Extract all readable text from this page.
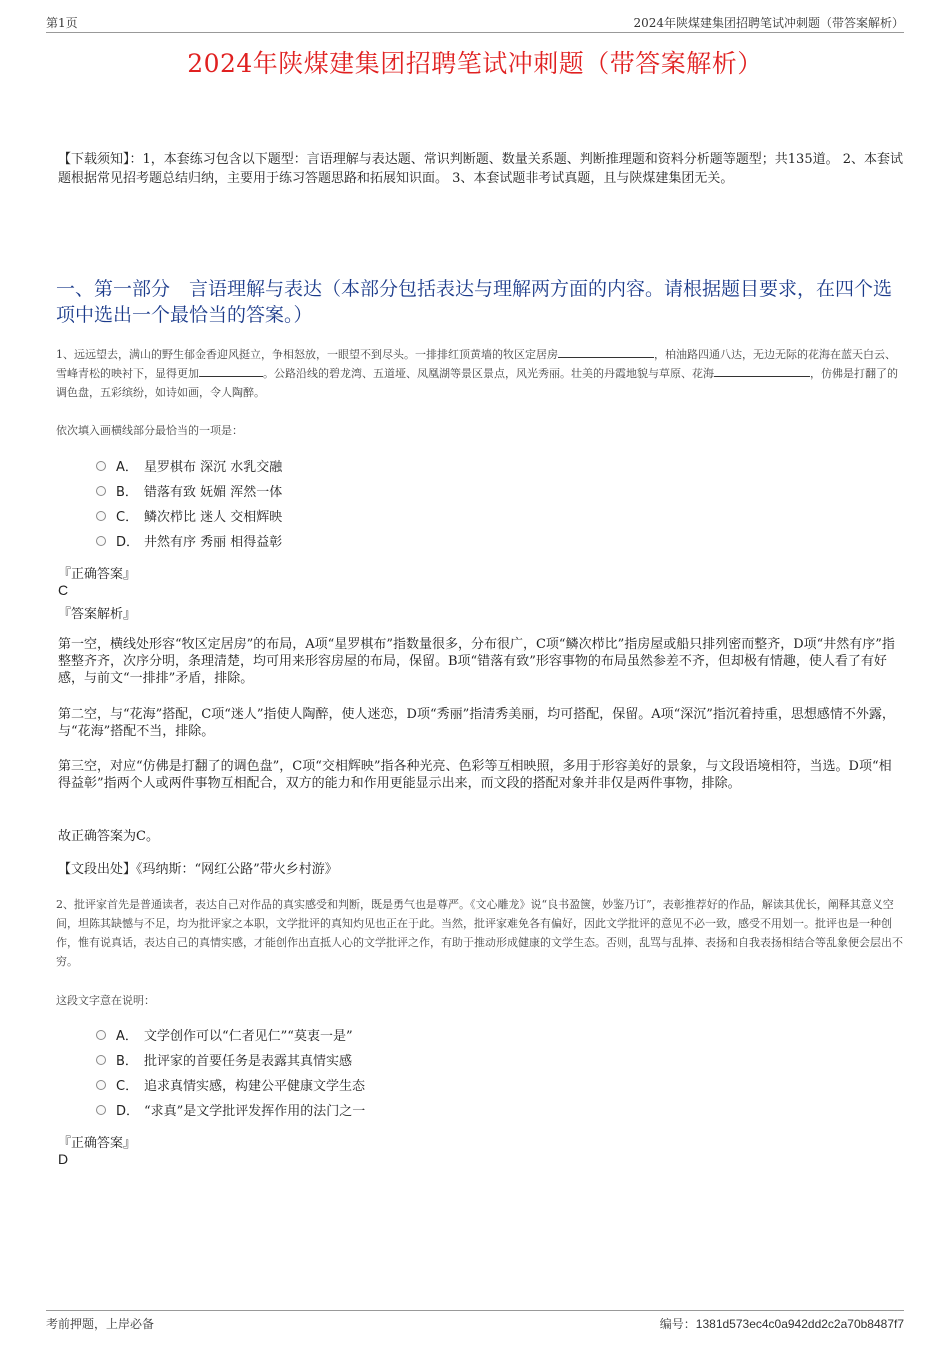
第1页	2024年陕煤建集团招聘笔试冲刺题（带答案解析）
2024年陕煤建集团招聘笔试冲刺题（带答案解析）
【下载须知】：1，本套练习包含以下题型：言语理解与表达题、常识判断题、数量关系题、判断推理题和资料分析题等题型；共135道。 2、本套试题根据常见招考题总结归纳，主要用于练习答题思路和拓展知识面。 3、本套试题非考试真题，且与陕煤建集团无关。
一、第一部分　言语理解与表达（本部分包括表达与理解两方面的内容。请根据题目要求，在四个选项中选出一个最恰当的答案。）
1、远远望去，满山的野生郁金香迎风挺立，争相怒放，一眼望不到尽头。一排排红顶黄墙的牧区定居房	，柏油路四通八达，无边无际的花海在蓝天白云、雪峰青松的映衬下，显得更加	。公路沿线的碧龙湾、五道垭、凤凰湖等景区景点，风光秀丽。壮美的丹霞地貌与草原、花海	，仿佛是打翻了的调色盘，五彩缤纷，如诗如画，令人陶醉。
依次填入画横线部分最恰当的一项是：
A． 星罗棋布 深沉 水乳交融
B． 错落有致 妩媚 浑然一体
C． 鳞次栉比 迷人 交相辉映
D． 井然有序 秀丽 相得益彰
『正确答案』
C
『答案解析』
第一空，横线处形容“牧区定居房”的布局，A项“星罗棋布”指数量很多，分布很广，C项“鳞次栉比”指房屋或船只排列密而整齐，D项“井然有序”指整整齐齐，次序分明，条理清楚，均可用来形容房屋的布局，保留。B项“错落有致”形容事物的布局虽然参差不齐，但却极有情趣，使人看了有好感，与前文“一排排”矛盾，排除。
第二空，与“花海”搭配，C项“迷人”指使人陶醉，使人迷恋，D项“秀丽”指清秀美丽，均可搭配，保留。A项“深沉”指沉着持重，思想感情不外露，与“花海”搭配不当，排除。
第三空，对应“仿佛是打翻了的调色盘”，C项“交相辉映”指各种光亮、色彩等互相映照，多用于形容美好的景象，与文段语境相符，当选。D项“相得益彰”指两个人或两件事物互相配合，双方的能力和作用更能显示出来，而文段的搭配对象并非仅是两件事物，排除。
故正确答案为C。
【文段出处】《玛纳斯：“网红公路”带火乡村游》
2、批评家首先是普通读者，表达自己对作品的真实感受和判断，既是勇气也是尊严。《文心雕龙》说“良书盈箧，妙鉴乃订”，表彰推荐好的作品，解读其优长，阐释其意义空间，坦陈其缺憾与不足，均为批评家之本职，文学批评的真知灼见也正在于此。当然，批评家难免各有偏好，因此文学批评的意见不必一致，感受不用划一。批评也是一种创作，惟有说真话，表达自己的真情实感，才能创作出直抵人心的文学批评之作，有助于推动形成健康的文学生态。否则，乱骂与乱捧、表扬和自我表扬相结合等乱象便会层出不穷。
这段文字意在说明：
A． 文学创作可以“仁者见仁”“莫衷一是”
B． 批评家的首要任务是表露其真情实感
C． 追求真情实感，构建公平健康文学生态
D． “求真”是文学批评发挥作用的法门之一
『正确答案』
D
考前押题，上岸必备	编号：1381d573ec4c0a942dd2c2a70b8487f7
